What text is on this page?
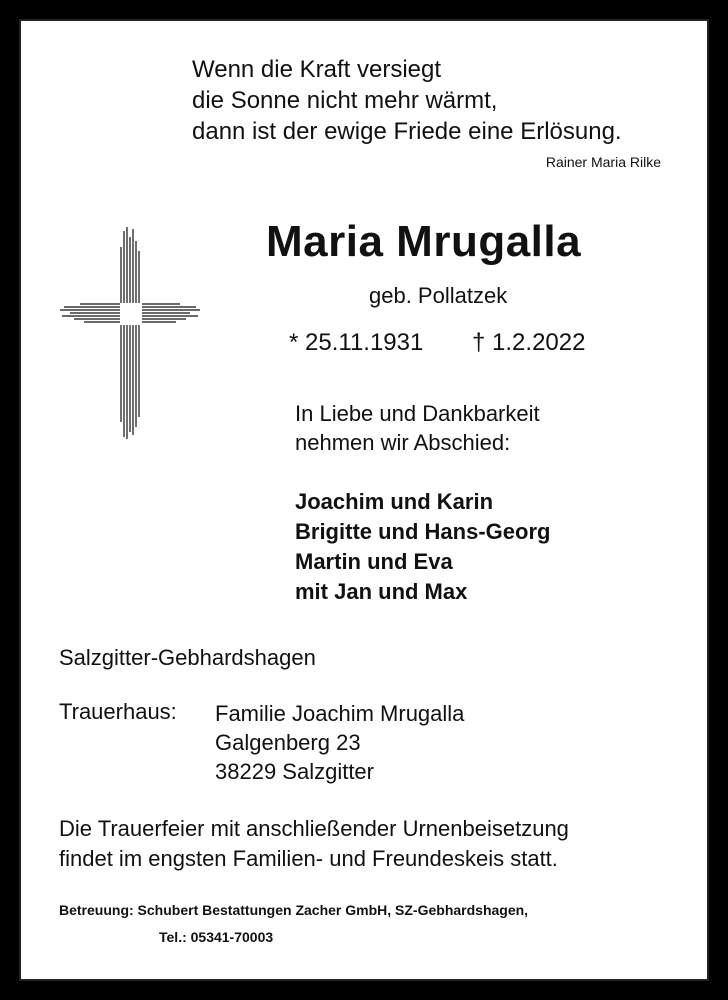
Wenn die Kraft versiegt
die Sonne nicht mehr wärmt,
dann ist der ewige Friede eine Erlösung.
Rainer Maria Rilke
Maria Mrugalla
geb. Pollatzek
* 25.11.1931 † 1.2.2022
In Liebe und Dankbarkeit
nehmen wir Abschied:
Joachim und Karin
Brigitte und Hans-Georg
Martin und Eva
mit Jan und Max
Salzgitter-Gebhardshagen
Trauerhaus: Familie Joachim Mrugalla
Galgenberg 23
38229 Salzgitter
Die Trauerfeier mit anschließender Urnenbeisetzung
findet im engsten Familien- und Freundeskeis statt.
Betreuung: Schubert Bestattungen Zacher GmbH, SZ-Gebhardshagen,
Tel.: 05341-70003
